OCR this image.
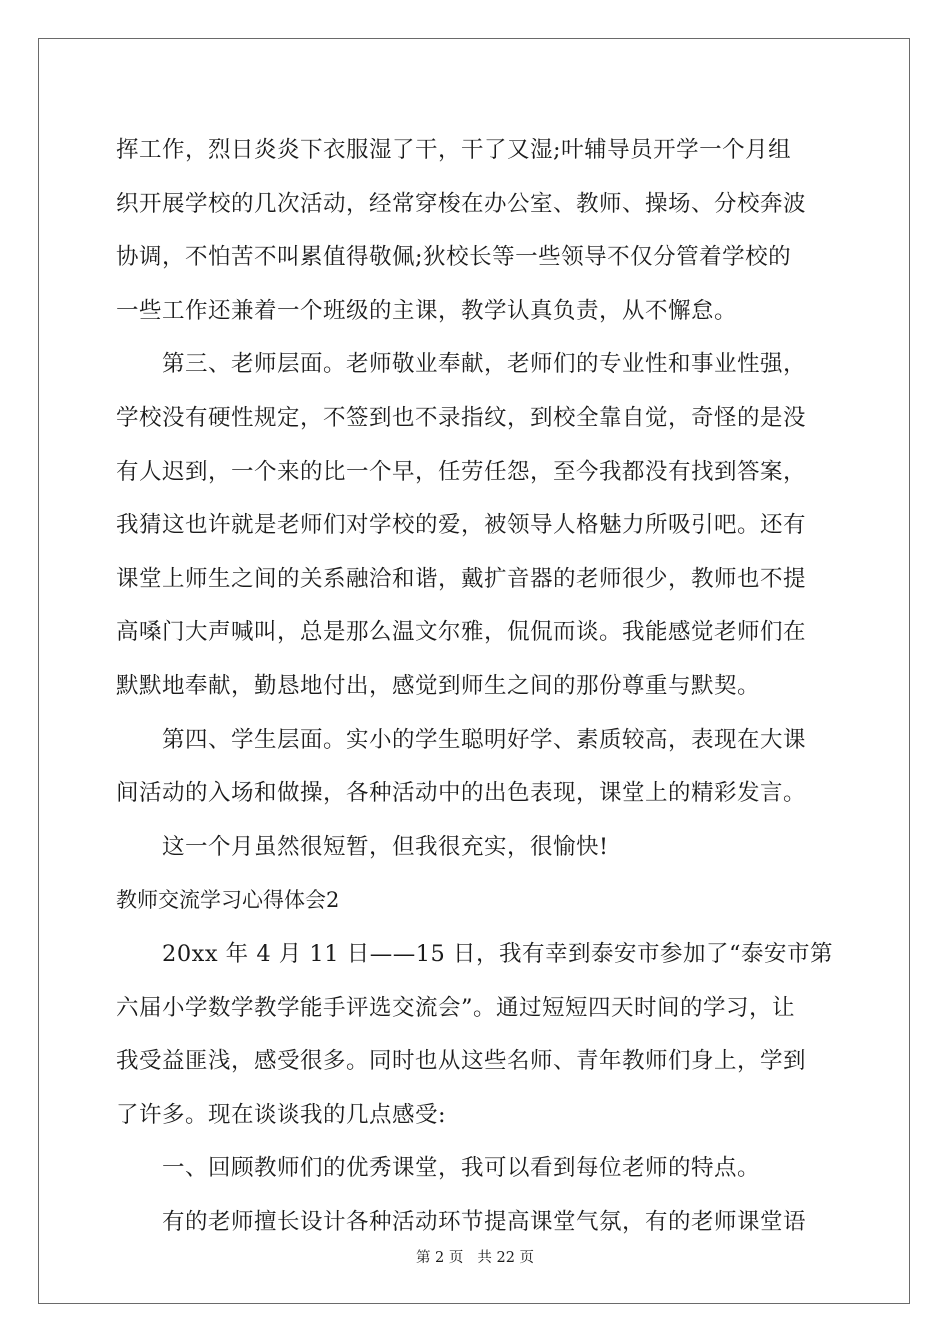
挥工作，烈日炎炎下衣服湿了干，干了又湿;叶辅导员开学一个月组
织开展学校的几次活动，经常穿梭在办公室、教师、操场、分校奔波
协调，不怕苦不叫累值得敬佩;狄校长等一些领导不仅分管着学校的
一些工作还兼着一个班级的主课，教学认真负责，从不懈怠。
第三、老师层面。老师敬业奉献，老师们的专业性和事业性强，
学校没有硬性规定，不签到也不录指纹，到校全靠自觉，奇怪的是没
有人迟到，一个来的比一个早，任劳任怨，至今我都没有找到答案，
我猜这也许就是老师们对学校的爱，被领导人格魅力所吸引吧。还有
课堂上师生之间的关系融洽和谐，戴扩音器的老师很少，教师也不提
高嗓门大声喊叫，总是那么温文尔雅，侃侃而谈。我能感觉老师们在
默默地奉献，勤恳地付出，感觉到师生之间的那份尊重与默契。
第四、学生层面。实小的学生聪明好学、素质较高，表现在大课
间活动的入场和做操，各种活动中的出色表现，课堂上的精彩发言。
这一个月虽然很短暂，但我很充实，很愉快!
教师交流学习心得体会2
20xx 年 4 月 11 日——15 日，我有幸到泰安市参加了“泰安市第
六届小学数学教学能手评选交流会”。通过短短四天时间的学习，让
我受益匪浅，感受很多。同时也从这些名师、青年教师们身上，学到
了许多。现在谈谈我的几点感受:
一、回顾教师们的优秀课堂，我可以看到每位老师的特点。
有的老师擅长设计各种活动环节提高课堂气氛，有的老师课堂语
第 2 页 共 22 页
